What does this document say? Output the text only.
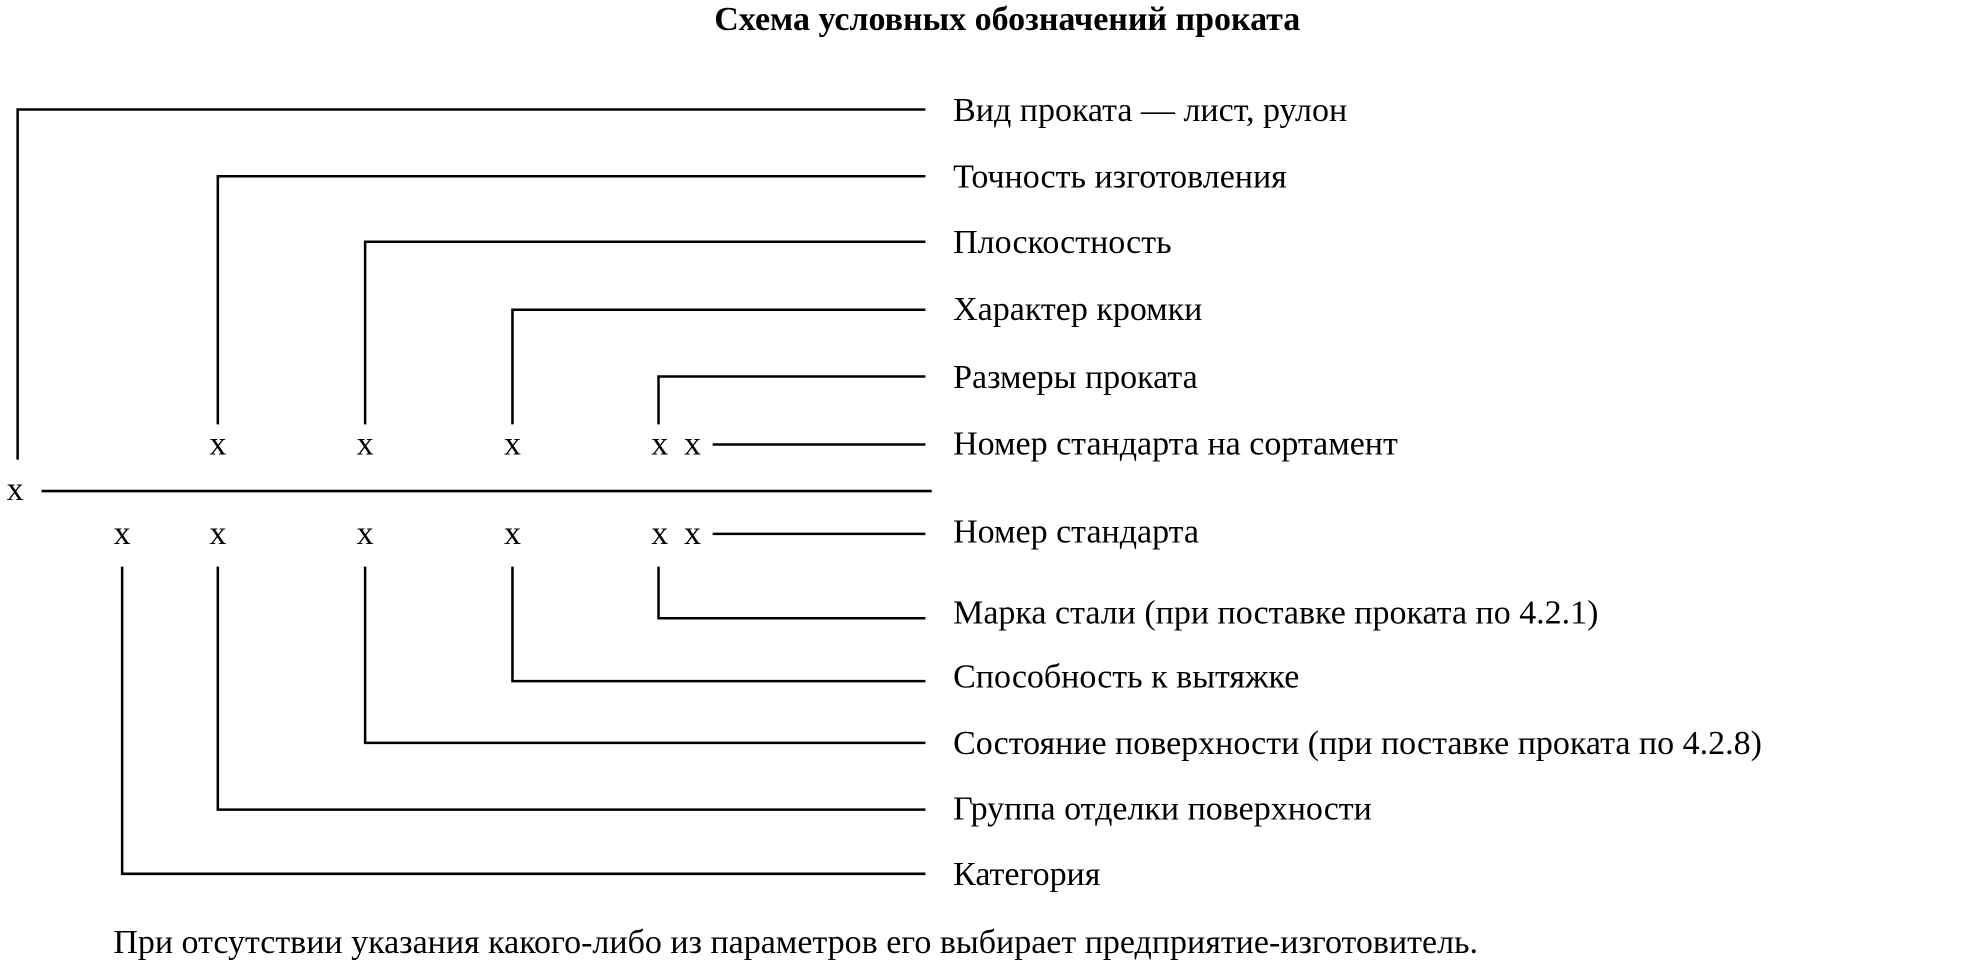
Схема условных обозначений проката
x
x	x	x	x x
x	x	x	x	x x
Вид проката — лист, рулон
Точность изготовления
Плоскостность
Характер кромки
Размеры проката
Номер стандарта на сортамент
Номер стандарта
Марка стали (при поставке проката по 4.2.1)
Способность к вытяжке
Состояние поверхности (при поставке проката по 4.2.8)
Группа отделки поверхности
Категория
При отсутствии указания какого-либо из параметров его выбирает предприятие-изготовитель.
